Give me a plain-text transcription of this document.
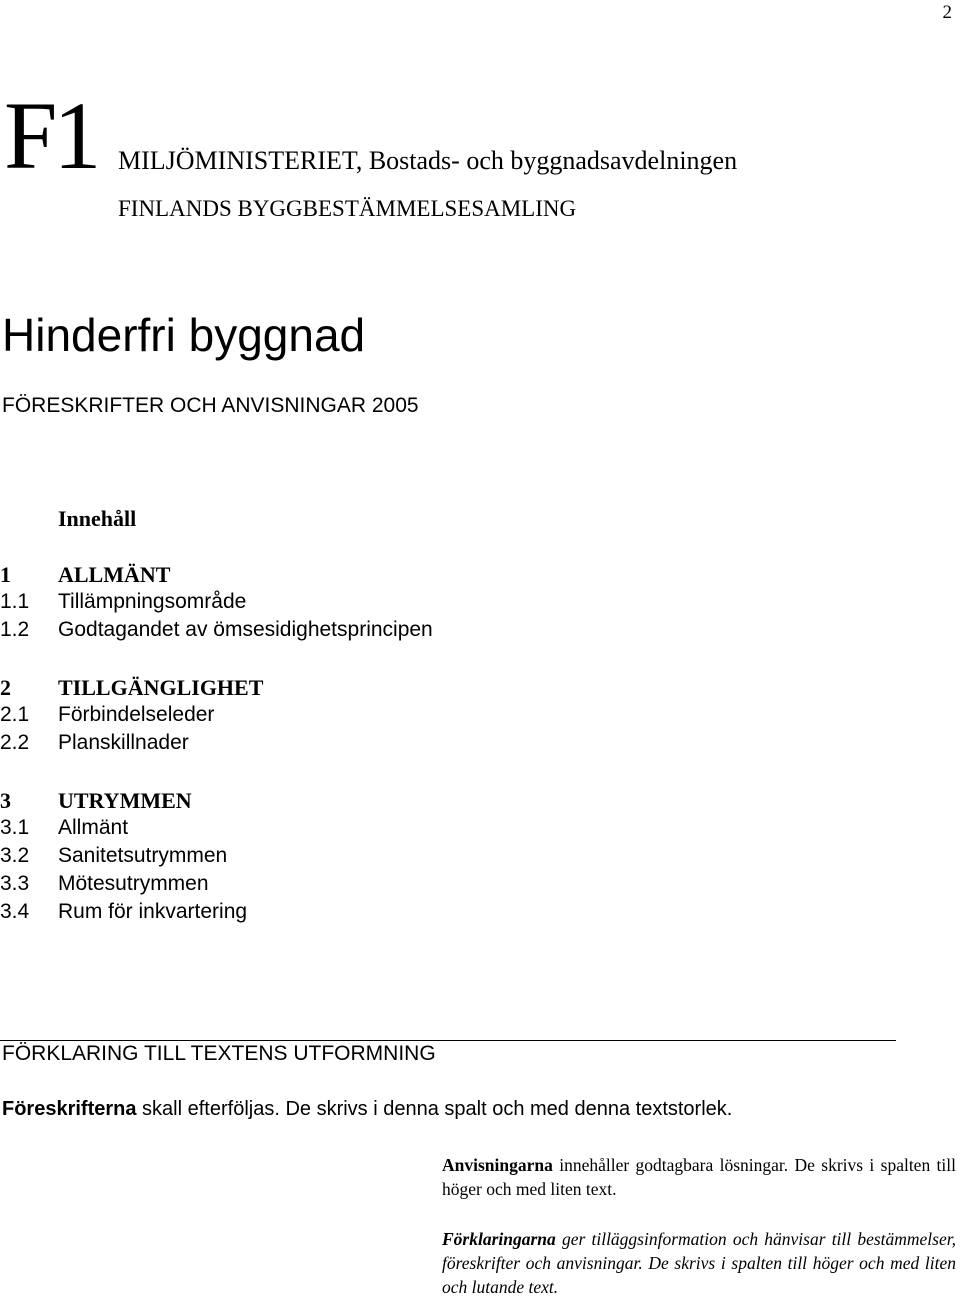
2
F1 MILJÖMINISTERIET, Bostads- och byggnadsavdelningen
FINLANDS BYGGBESTÄMMELSESAMLING
Hinderfri byggnad
FÖRESKRIFTER OCH ANVISNINGAR 2005
Innehåll
1 ALLMÄNT
1.1 Tillämpningsområde
1.2 Godtagandet av ömsesidighetsprincipen
2 TILLGÄNGLIGHET
2.1 Förbindelseleder
2.2 Planskillnader
3 UTRYMMEN
3.1 Allmänt
3.2 Sanitetsutrymmen
3.3 Mötesutrymmen
3.4 Rum för inkvartering
FÖRKLARING TILL TEXTENS UTFORMNING
Föreskrifterna skall efterföljas. De skrivs i denna spalt och med denna textstorlek.
Anvisningarna innehåller godtagbara lösningar. De skrivs i spalten till höger och med liten text.
Förklaringarna ger tilläggsinformation och hänvisar till bestämmelser, föreskrifter och anvisningar. De skrivs i spalten till höger och med liten och lutande text.
